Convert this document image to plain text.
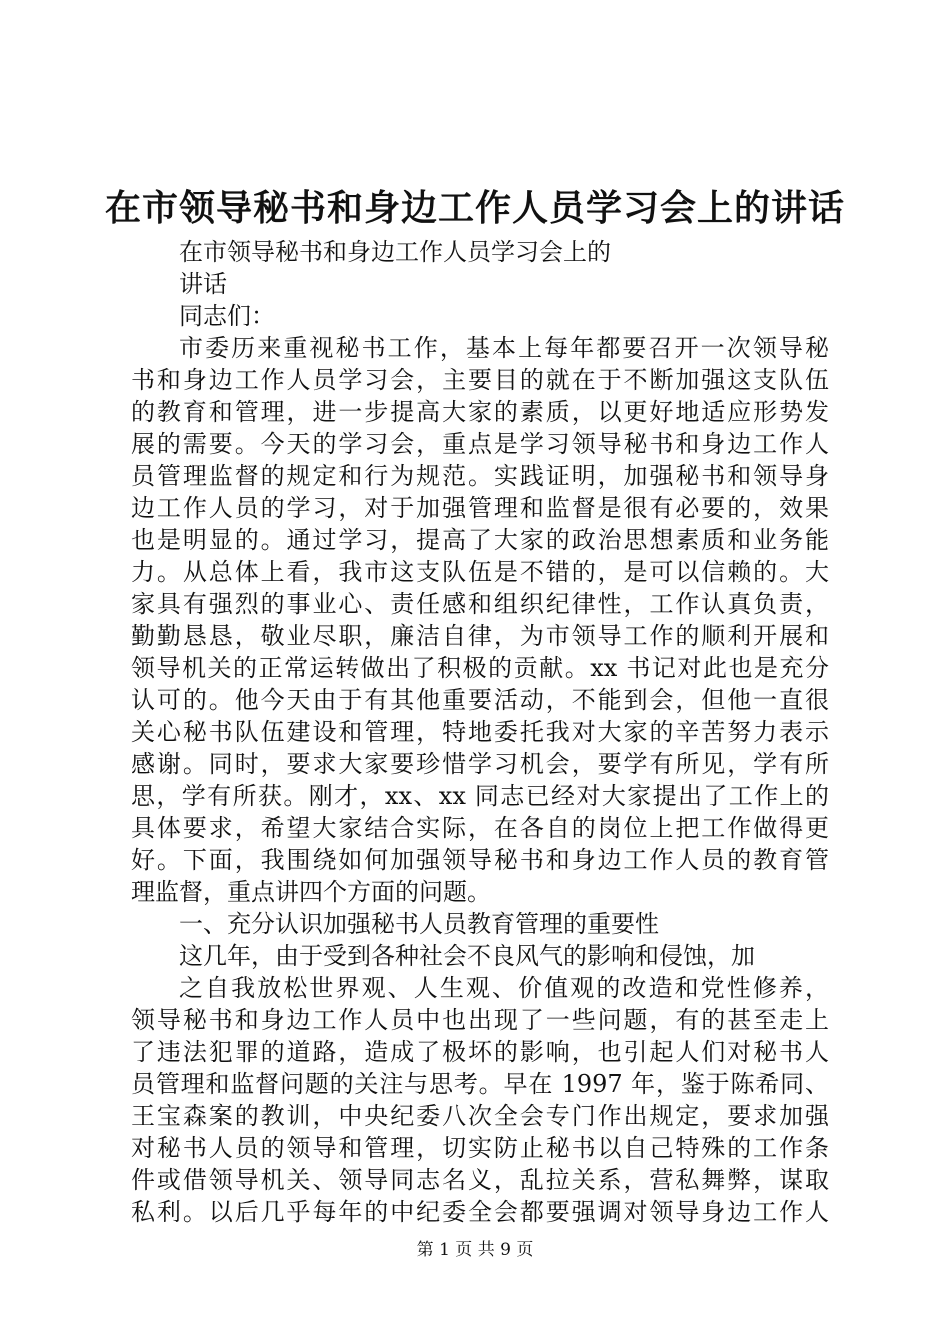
在市领导秘书和身边工作人员学习会上的讲话
在市领导秘书和身边工作人员学习会上的
讲话
同志们：
市委历来重视秘书工作，基本上每年都要召开一次领导秘
书和身边工作人员学习会，主要目的就在于不断加强这支队伍
的教育和管理，进一步提高大家的素质，以更好地适应形势发
展的需要。今天的学习会，重点是学习领导秘书和身边工作人
员管理监督的规定和行为规范。实践证明，加强秘书和领导身
边工作人员的学习，对于加强管理和监督是很有必要的，效果
也是明显的。通过学习，提高了大家的政治思想素质和业务能
力。从总体上看，我市这支队伍是不错的，是可以信赖的。大
家具有强烈的事业心、责任感和组织纪律性，工作认真负责，
勤勤恳恳，敬业尽职，廉洁自律，为市领导工作的顺利开展和
领导机关的正常运转做出了积极的贡献。xx 书记对此也是充分
认可的。他今天由于有其他重要活动，不能到会，但他一直很
关心秘书队伍建设和管理，特地委托我对大家的辛苦努力表示
感谢。同时，要求大家要珍惜学习机会，要学有所见，学有所
思，学有所获。刚才，xx、xx 同志已经对大家提出了工作上的
具体要求，希望大家结合实际，在各自的岗位上把工作做得更
好。下面，我围绕如何加强领导秘书和身边工作人员的教育管
理监督，重点讲四个方面的问题。
一、充分认识加强秘书人员教育管理的重要性
这几年，由于受到各种社会不良风气的影响和侵蚀，加
之自我放松世界观、人生观、价值观的改造和党性修养，
领导秘书和身边工作人员中也出现了一些问题，有的甚至走上
了违法犯罪的道路，造成了极坏的影响，也引起人们对秘书人
员管理和监督问题的关注与思考。早在 1997 年，鉴于陈希同、
王宝森案的教训，中央纪委八次全会专门作出规定，要求加强
对秘书人员的领导和管理，切实防止秘书以自己特殊的工作条
件或借领导机关、领导同志名义，乱拉关系，营私舞弊，谋取
私利。以后几乎每年的中纪委全会都要强调对领导身边工作人
第 1 页 共 9 页
